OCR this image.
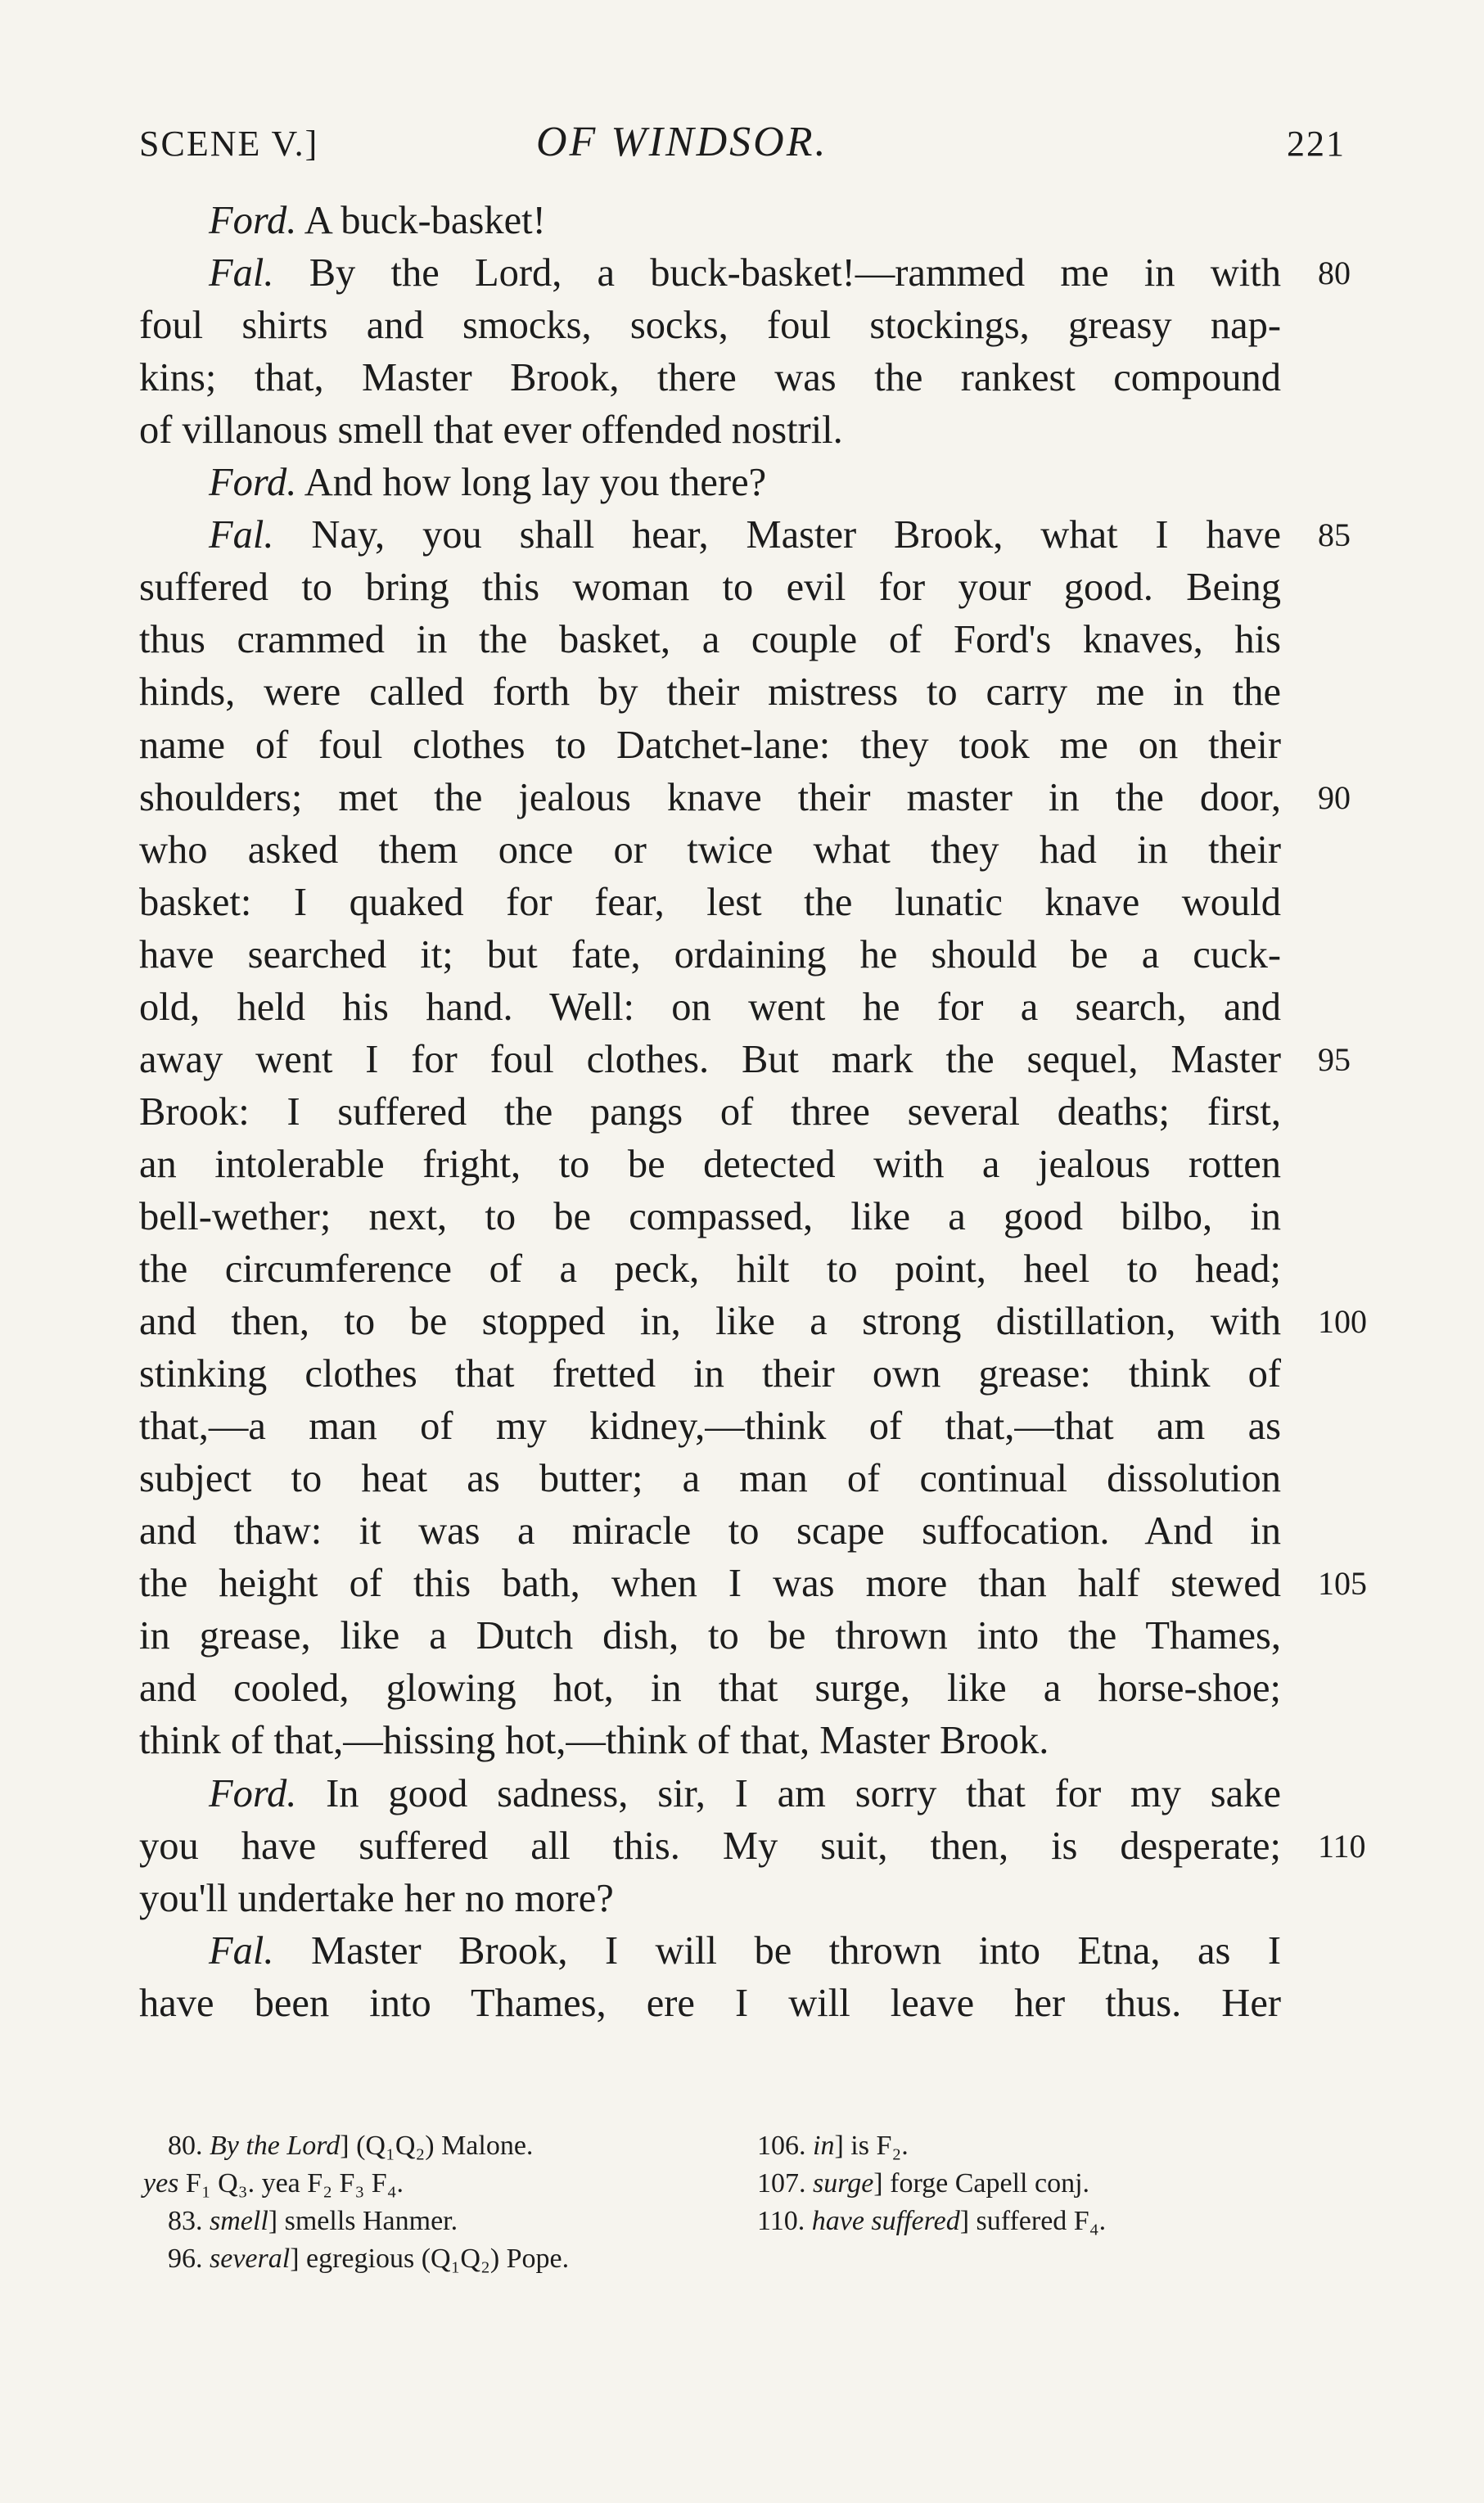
SCENE V.]	OF WINDSOR.	221
Ford. A buck-basket!
Fal. By the Lord, a buck-basket!—rammed me in with 80
foul shirts and smocks, socks, foul stockings, greasy nap-
kins; that, Master Brook, there was the rankest compound
of villanous smell that ever offended nostril.
Ford. And how long lay you there?
Fal. Nay, you shall hear, Master Brook, what I have 85
suffered to bring this woman to evil for your good. Being
thus crammed in the basket, a couple of Ford's knaves, his
hinds, were called forth by their mistress to carry me in the
name of foul clothes to Datchet-lane: they took me on their
shoulders; met the jealous knave their master in the door, 90
who asked them once or twice what they had in their
basket: I quaked for fear, lest the lunatic knave would
have searched it; but fate, ordaining he should be a cuck-
old, held his hand. Well: on went he for a search, and
away went I for foul clothes. But mark the sequel, Master 95
Brook: I suffered the pangs of three several deaths; first,
an intolerable fright, to be detected with a jealous rotten
bell-wether; next, to be compassed, like a good bilbo, in
the circumference of a peck, hilt to point, heel to head;
and then, to be stopped in, like a strong distillation, with 100
stinking clothes that fretted in their own grease: think of
that,—a man of my kidney,—think of that,—that am as
subject to heat as butter; a man of continual dissolution
and thaw: it was a miracle to scape suffocation. And in
the height of this bath, when I was more than half stewed 105
in grease, like a Dutch dish, to be thrown into the Thames,
and cooled, glowing hot, in that surge, like a horse-shoe;
think of that,—hissing hot,—think of that, Master Brook.
Ford. In good sadness, sir, I am sorry that for my sake
you have suffered all this. My suit, then, is desperate; 110
you'll undertake her no more?
Fal. Master Brook, I will be thrown into Etna, as I
have been into Thames, ere I will leave her thus. Her
80. By the Lord] (Q₁Q₂) Malone.
yes F₁ Q₃. yea F₂ F₃ F₄.
83. smell] smells Hanmer.
96. several] egregious (Q₁Q₂) Pope.
106. in] is F₂.
107. surge] forge Capell conj.
110. have suffered] suffered F₄.
